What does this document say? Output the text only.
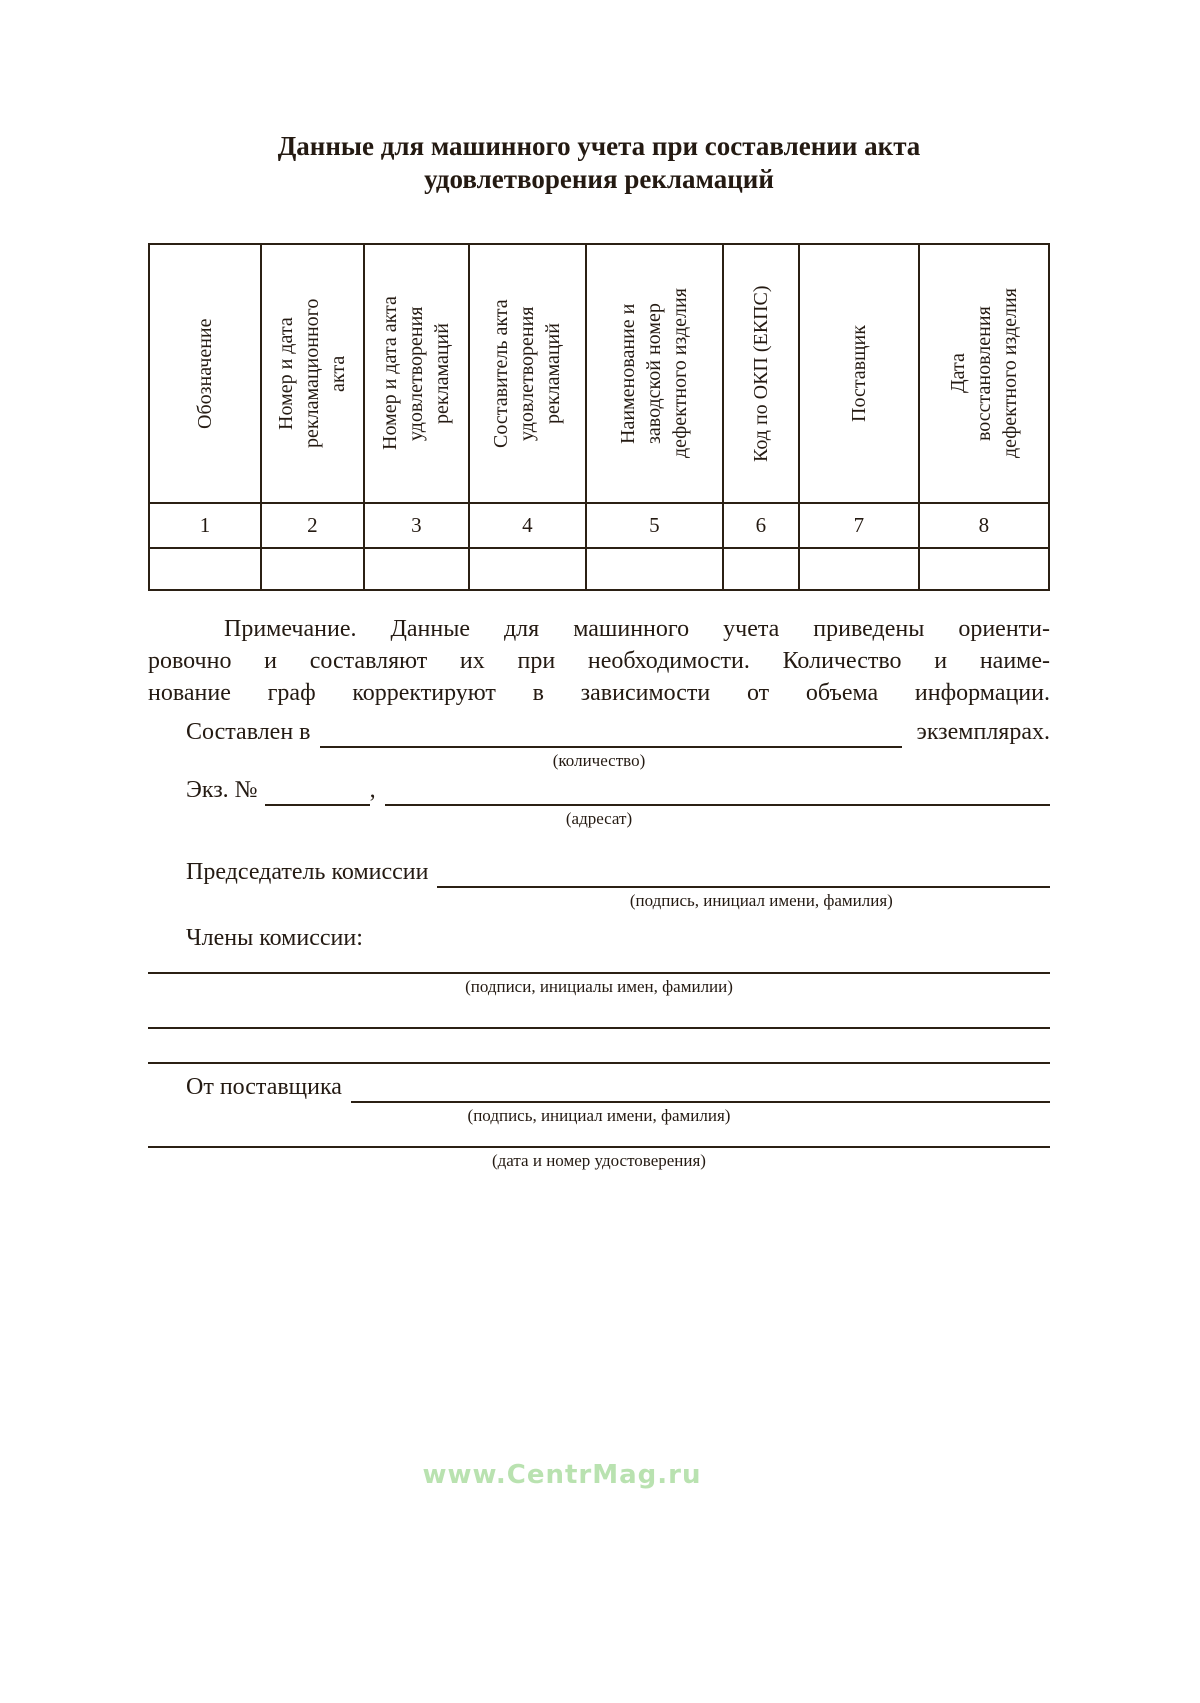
Данные для машинного учета при составлении акта
удовлетворения рекламаций
Обозначение	Номер и дата рекламационного акта	Номер и дата акта удовлетворения рекламаций	Составитель акта удовлетворения рекламаций	Наименование и заводской номер дефектного изделия	Код по ОКП (ЕКПС)	Поставщик	Дата восстановления дефектного изделия

1	2	3	4	5	6	7	8

Примечание. Данные для машинного учета приведены ориенти-
ровочно и составляют их при необходимости. Количество и наиме-
нование граф корректируют в зависимости от объема информации.
Составлен в	экземплярах.
(количество)
Экз. №	,
(адресат)
Председатель комиссии
(подпись, инициал имени, фамилия)
Члены комиссии:
(подписи, инициалы имен, фамилии)
От поставщика
(подпись, инициал имени, фамилия)
(дата и номер удостоверения)
www.CentrMag.ru
